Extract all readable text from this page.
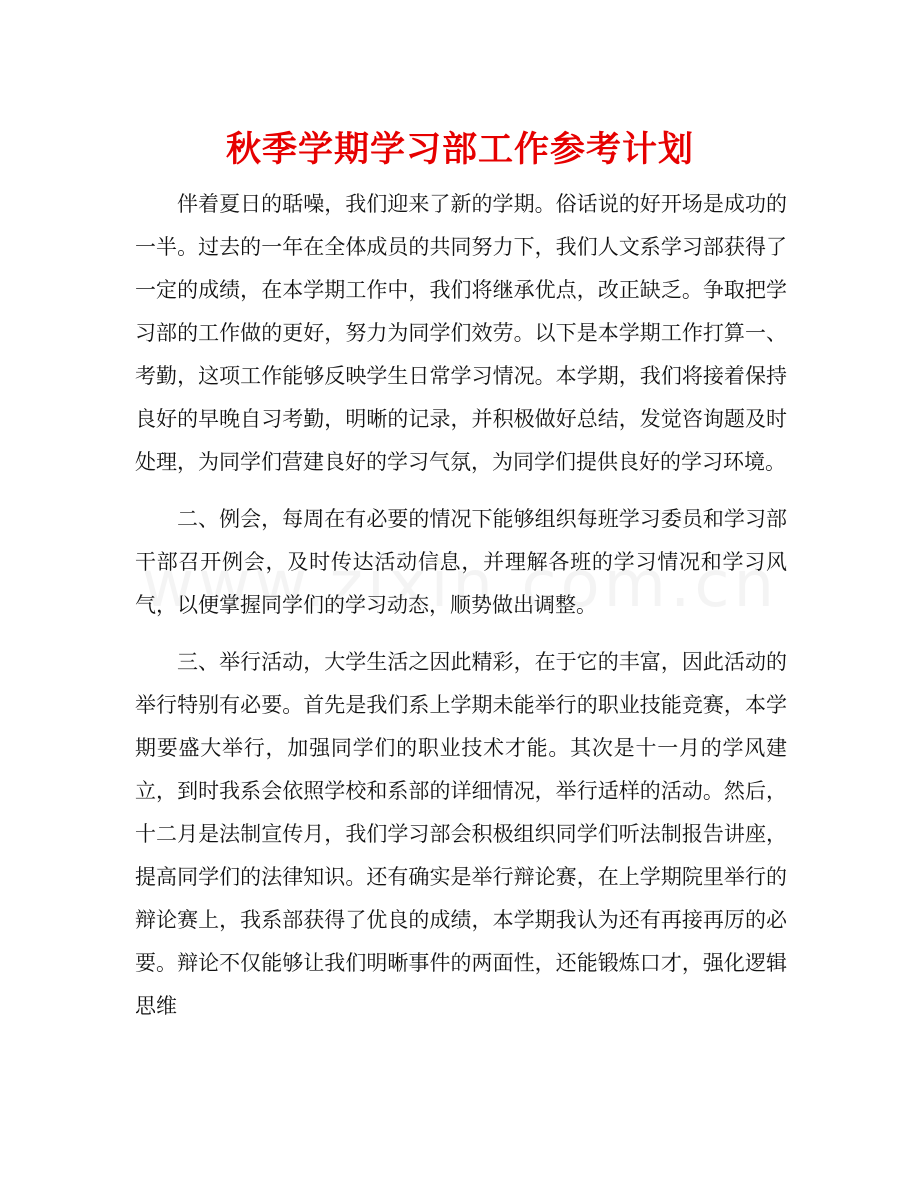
秋季学期学习部工作参考计划

伴着夏日的聒噪，我们迎来了新的学期。俗话说的好开场是成功的一半。过去的一年在全体成员的共同努力下，我们人文系学习部获得了一定的成绩，在本学期工作中，我们将继承优点，改正缺乏。争取把学习部的工作做的更好，努力为同学们效劳。以下是本学期工作打算一、考勤，这项工作能够反映学生日常学习情况。本学期，我们将接着保持良好的早晚自习考勤，明晰的记录，并积极做好总结，发觉咨询题及时处理，为同学们营建良好的学习气氛，为同学们提供良好的学习环境。

二、例会，每周在有必要的情况下能够组织每班学习委员和学习部干部召开例会，及时传达活动信息，并理解各班的学习情况和学习风气，以便掌握同学们的学习动态，顺势做出调整。

三、举行活动，大学生活之因此精彩，在于它的丰富，因此活动的举行特别有必要。首先是我们系上学期未能举行的职业技能竞赛，本学期要盛大举行，加强同学们的职业技术才能。其次是十一月的学风建立，到时我系会依照学校和系部的详细情况，举行适样的活动。然后，十二月是法制宣传月，我们学习部会积极组织同学们听法制报告讲座，提高同学们的法律知识。还有确实是举行辩论赛，在上学期院里举行的辩论赛上，我系部获得了优良的成绩，本学期我认为还有再接再厉的必要。辩论不仅能够让我们明晰事件的两面性，还能锻炼口才，强化逻辑思维
